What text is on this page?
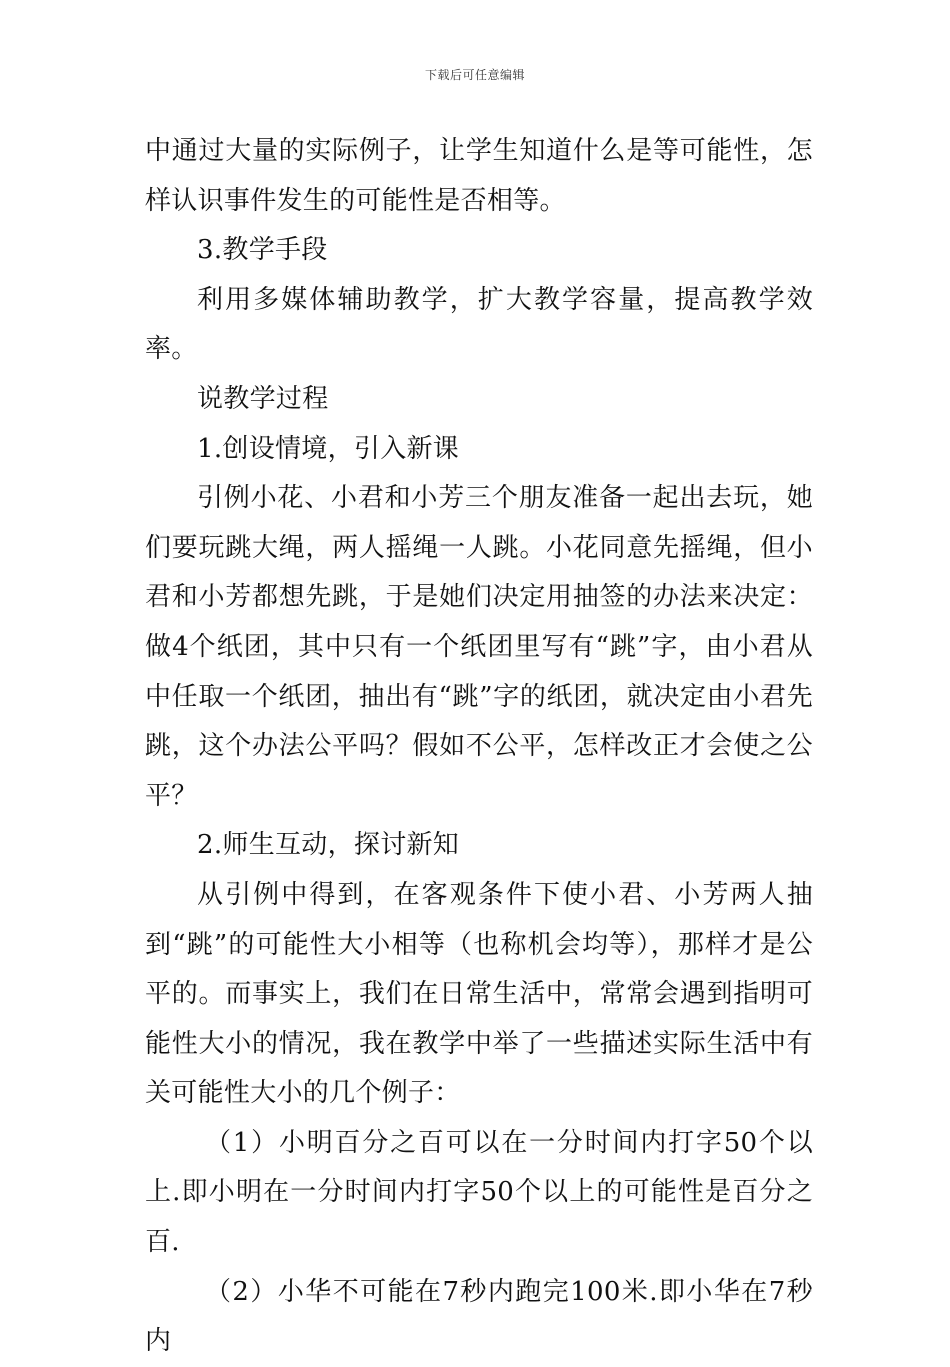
下载后可任意编辑

中通过大量的实际例子，让学生知道什么是等可能性，怎样认识事件发生的可能性是否相等。

3.教学手段

利用多媒体辅助教学，扩大教学容量，提高教学效率。

说教学过程

1.创设情境，引入新课

引例小花、小君和小芳三个朋友准备一起出去玩，她们要玩跳大绳，两人摇绳一人跳。小花同意先摇绳，但小君和小芳都想先跳，于是她们决定用抽签的办法来决定：做4个纸团，其中只有一个纸团里写有“跳”字，由小君从中任取一个纸团，抽出有“跳”字的纸团，就决定由小君先跳，这个办法公平吗？假如不公平，怎样改正才会使之公平？

2.师生互动，探讨新知

从引例中得到，在客观条件下使小君、小芳两人抽到“跳”的可能性大小相等（也称机会均等），那样才是公平的。而事实上，我们在日常生活中，常常会遇到指明可能性大小的情况，我在教学中举了一些描述实际生活中有关可能性大小的几个例子：

（1）小明百分之百可以在一分时间内打字50个以上.即小明在一分时间内打字50个以上的可能性是百分之百.

（2）小华不可能在7秒内跑完100米.即小华在7秒内
